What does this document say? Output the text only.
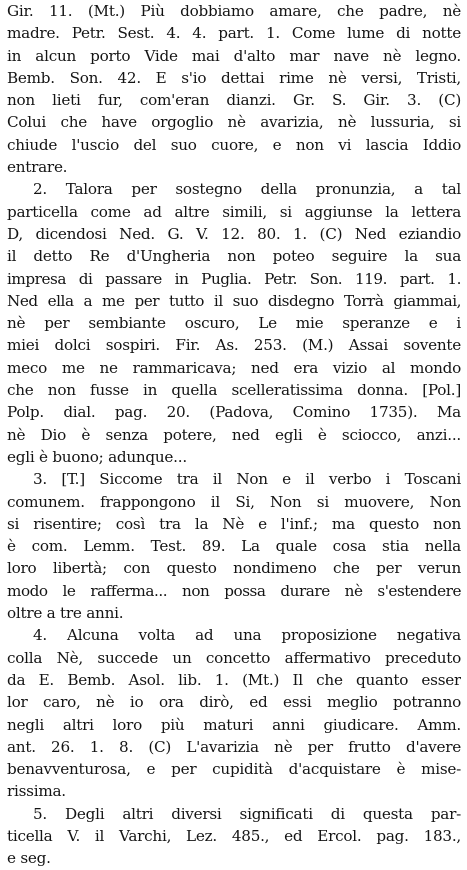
Gir. 11. (Mt.) Più dobbiamo amare, che padre, nè
madre. Petr. Sest. 4. 4. part. 1. Come lume di notte
in alcun porto Vide mai d'alto mar nave nè legno.
Bemb. Son. 42. E s'io dettai rime nè versi, Tristi,
non lieti fur, com'eran dianzi. Gr. S. Gir. 3. (C)
Colui che have orgoglio nè avarizia, nè lussuria, si
chiude l'uscio del suo cuore, e non vi lascia Iddio
entrare.
2. Talora per sostegno della pronunzia, a tal
particella come ad altre simili, si aggiunse la lettera
D, dicendosi Ned. G. V. 12. 80. 1. (C) Ned eziandio
il detto Re d'Ungheria non poteo seguire la sua
impresa di passare in Puglia. Petr. Son. 119. part. 1.
Ned ella a me per tutto il suo disdegno Torrà giammai,
nè per sembiante oscuro, Le mie speranze e i
miei dolci sospiri. Fir. As. 253. (M.) Assai sovente
meco me ne rammaricava; ned era vizio al mondo
che non fusse in quella scelleratissima donna. [Pol.]
Polp. dial. pag. 20. (Padova, Comino 1735). Ma
nè Dio è senza potere, ned egli è sciocco, anzi...
egli è buono; adunque...
3. [T.] Siccome tra il Non e il verbo i Toscani
comunem. frappongono il Si, Non si muovere, Non
si risentire; così tra la Nè e l'inf.; ma questo non
è com. Lemm. Test. 89. La quale cosa stia nella
loro libertà; con questo nondimeno che per verun
modo le rafferma... non possa durare nè s'estendere
oltre a tre anni.
4. Alcuna volta ad una proposizione negativa
colla Nè, succede un concetto affermativo preceduto
da E. Bemb. Asol. lib. 1. (Mt.) Il che quanto esser
lor caro, nè io ora dirò, ed essi meglio potranno
negli altri loro più maturi anni giudicare. Amm.
ant. 26. 1. 8. (C) L'avarizia nè per frutto d'avere
benavventurosa, e per cupidità d'acquistare è mise-
rissima.
5. Degli altri diversi significati di questa par-
ticella V. il Varchi, Lez. 485., ed Ercol. pag. 183.,
e seg.
